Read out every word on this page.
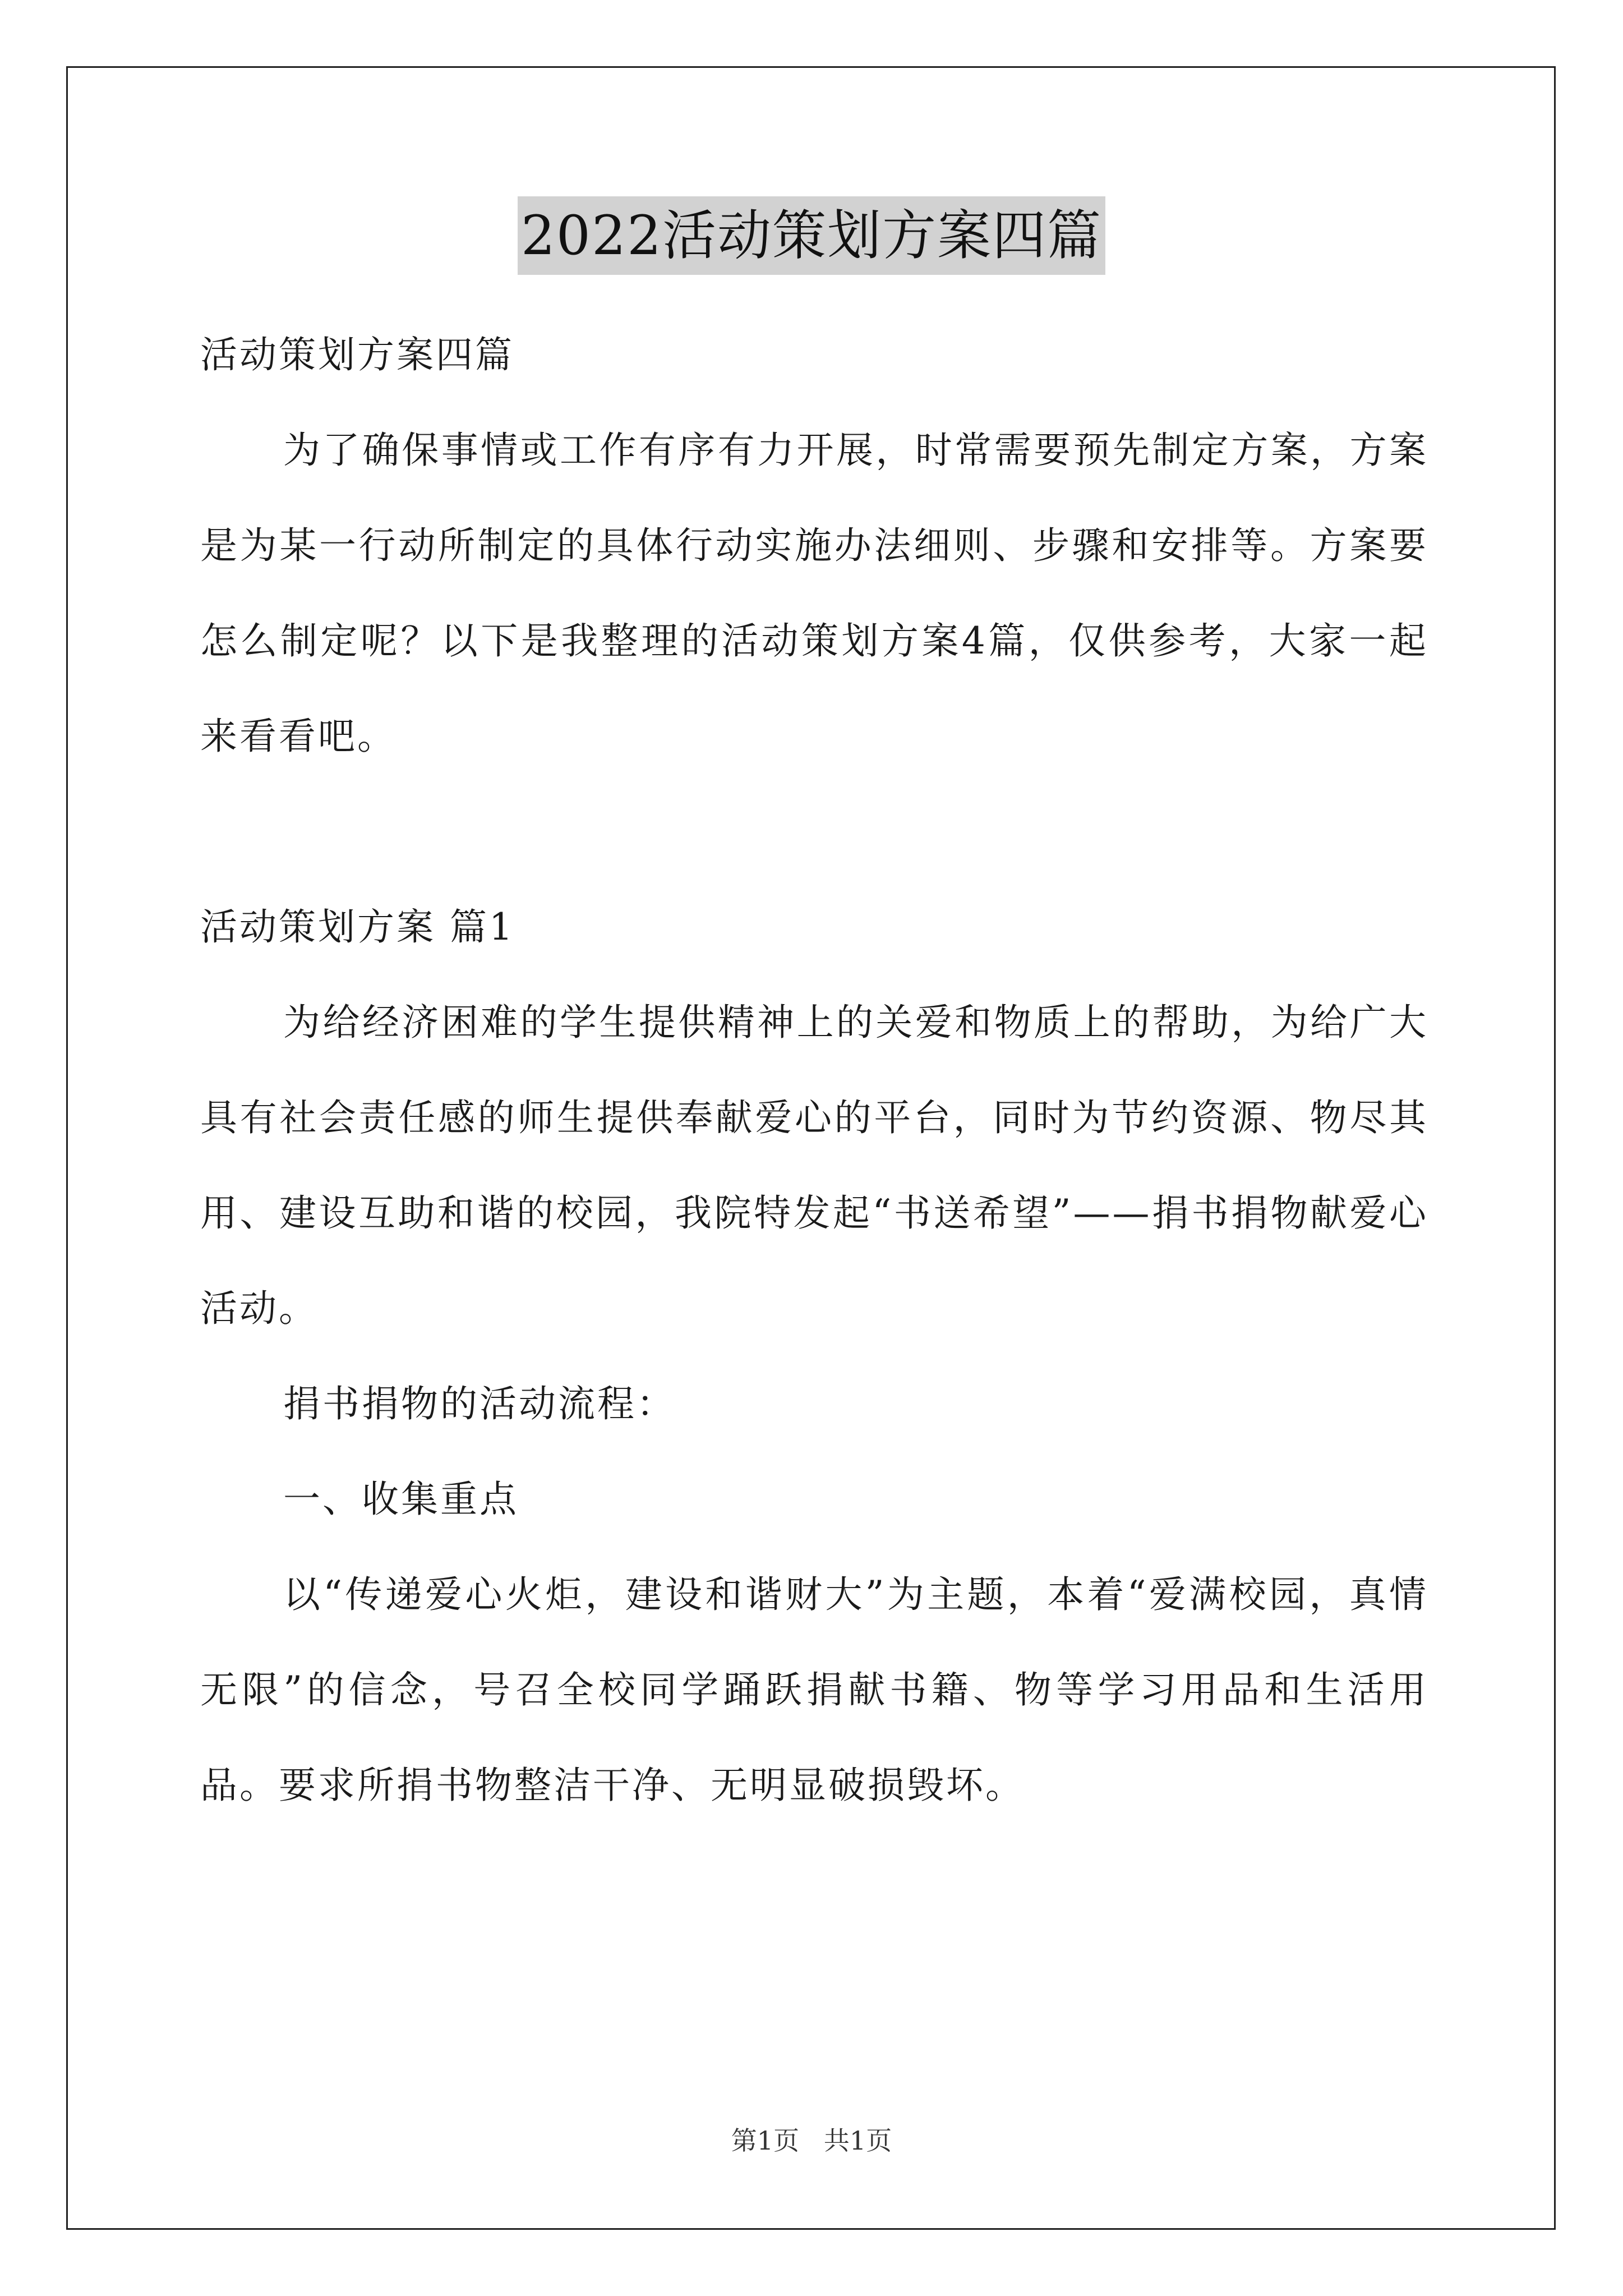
2022活动策划方案四篇

活动策划方案四篇

为了确保事情或工作有序有力开展，时常需要预先制定方案，方案是为某一行动所制定的具体行动实施办法细则、步骤和安排等。方案要怎么制定呢？以下是我整理的活动策划方案4篇，仅供参考，大家一起来看看吧。

活动策划方案 篇1

为给经济困难的学生提供精神上的关爱和物质上的帮助，为给广大具有社会责任感的师生提供奉献爱心的平台，同时为节约资源、物尽其用、建设互助和谐的校园，我院特发起“书送希望”——捐书捐物献爱心活动。

捐书捐物的活动流程：

一、收集重点

以“传递爱心火炬，建设和谐财大”为主题，本着“爱满校园，真情无限”的信念，号召全校同学踊跃捐献书籍、物等学习用品和生活用品。要求所捐书物整洁干净、无明显破损毁坏。

第1页   共1页
